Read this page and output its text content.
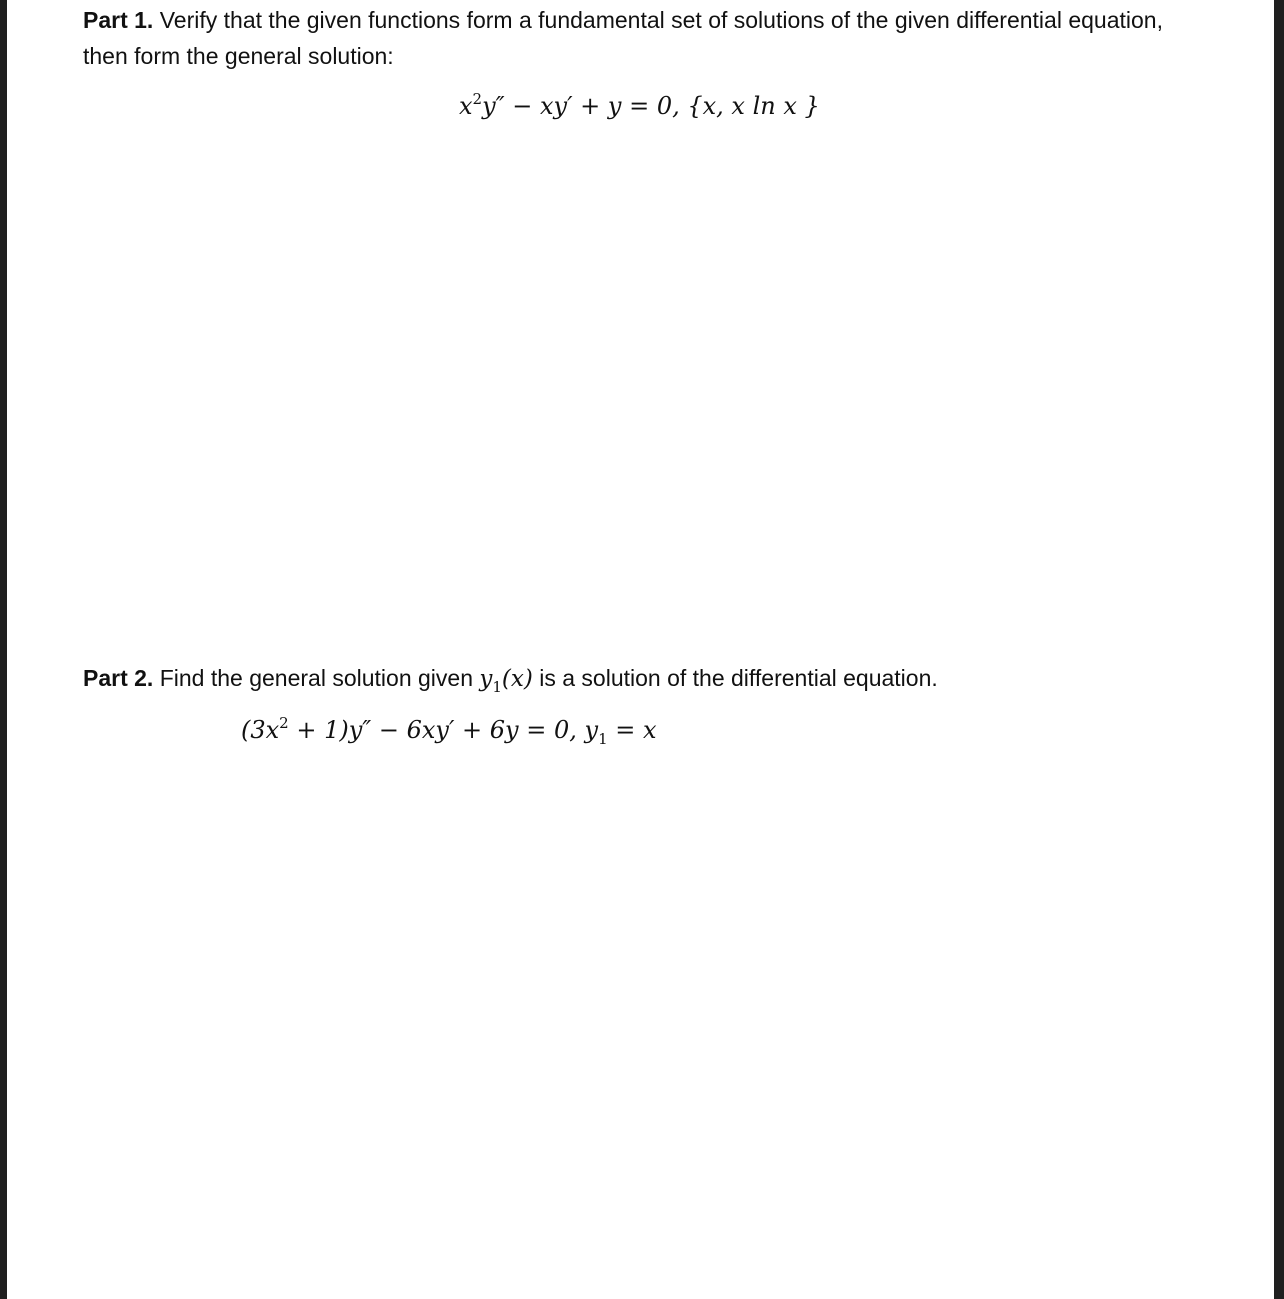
Part 1. Verify that the given functions form a fundamental set of solutions of the given differential equation, then form the general solution:
$x^2y'' - xy' + y = 0$, {x, x ln x }
Part 2. Find the general solution given $y_1(x)$ is a solution of the differential equation.
$(3x^2 + 1)y'' - 6xy' + 6y = 0$, $y_1 = x$
